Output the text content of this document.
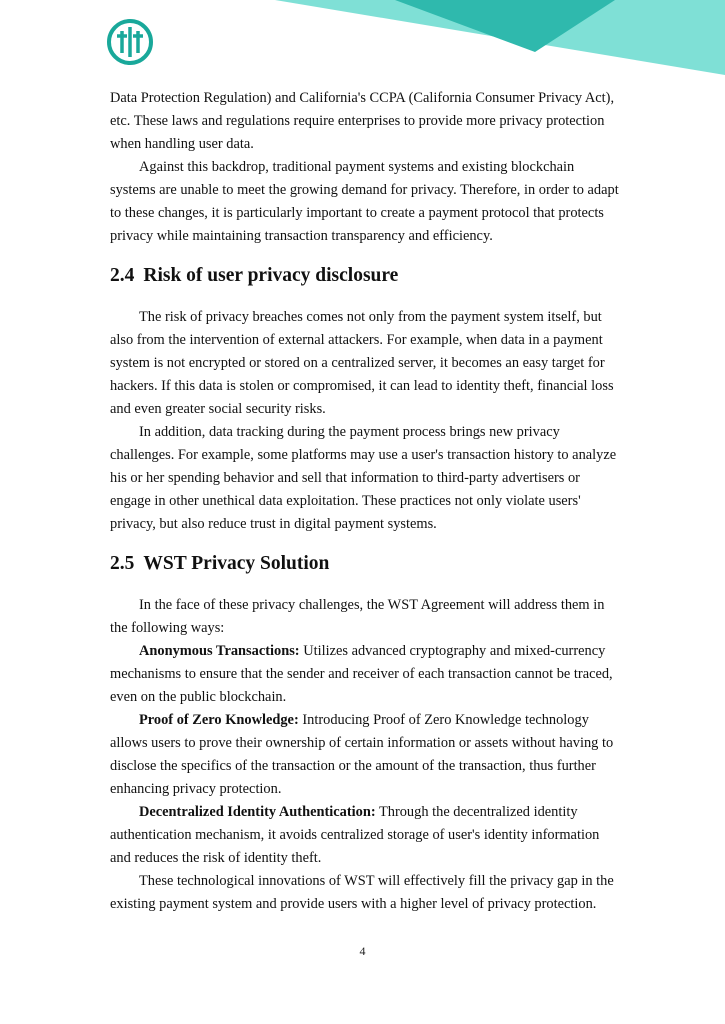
Data Protection Regulation) and California's CCPA (California Consumer Privacy Act), etc. These laws and regulations require enterprises to provide more privacy protection when handling user data.

Against this backdrop, traditional payment systems and existing blockchain systems are unable to meet the growing demand for privacy. Therefore, in order to adapt to these changes, it is particularly important to create a payment protocol that protects privacy while maintaining transaction transparency and efficiency.

2.4 Risk of user privacy disclosure

The risk of privacy breaches comes not only from the payment system itself, but also from the intervention of external attackers. For example, when data in a payment system is not encrypted or stored on a centralized server, it becomes an easy target for hackers. If this data is stolen or compromised, it can lead to identity theft, financial loss and even greater social security risks.

In addition, data tracking during the payment process brings new privacy challenges. For example, some platforms may use a user's transaction history to analyze his or her spending behavior and sell that information to third-party advertisers or engage in other unethical data exploitation. These practices not only violate users' privacy, but also reduce trust in digital payment systems.

2.5 WST Privacy Solution

In the face of these privacy challenges, the WST Agreement will address them in the following ways:

Anonymous Transactions: Utilizes advanced cryptography and mixed-currency mechanisms to ensure that the sender and receiver of each transaction cannot be traced, even on the public blockchain.

Proof of Zero Knowledge: Introducing Proof of Zero Knowledge technology allows users to prove their ownership of certain information or assets without having to disclose the specifics of the transaction or the amount of the transaction, thus further enhancing privacy protection.

Decentralized Identity Authentication: Through the decentralized identity authentication mechanism, it avoids centralized storage of user's identity information and reduces the risk of identity theft.

These technological innovations of WST will effectively fill the privacy gap in the existing payment system and provide users with a higher level of privacy protection.

4
